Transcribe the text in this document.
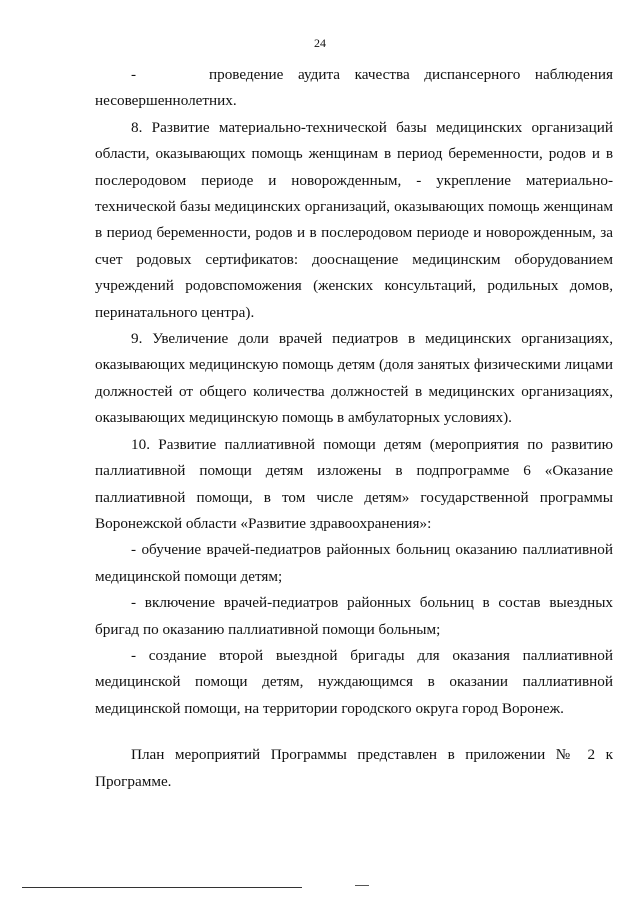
24

-     проведение аудита качества диспансерного наблюдения несовершеннолетних.

8. Развитие материально-технической базы медицинских организаций области, оказывающих помощь женщинам в период беременности, родов и в послеродовом периоде и новорожденным, - укрепление материально-технической базы медицинских организаций, оказывающих помощь женщинам в период беременности, родов и в послеродовом периоде и новорожденным, за счет родовых сертификатов: дооснащение медицинским оборудованием учреждений родовспоможения (женских консультаций, родильных домов, перинатального центра).

9. Увеличение доли врачей педиатров в медицинских организациях, оказывающих медицинскую помощь детям (доля занятых физическими лицами должностей от общего количества должностей в медицинских организациях, оказывающих медицинскую помощь в амбулаторных условиях).

10. Развитие паллиативной помощи детям (мероприятия по развитию паллиативной помощи детям изложены в подпрограмме 6 «Оказание паллиативной помощи, в том числе детям» государственной программы Воронежской области «Развитие здравоохранения»:

- обучение врачей-педиатров районных больниц оказанию паллиативной медицинской помощи детям;

- включение врачей-педиатров районных больниц в состав выездных бригад по оказанию паллиативной помощи больным;

- создание второй выездной бригады для оказания паллиативной медицинской помощи детям, нуждающимся в оказании паллиативной медицинской помощи, на территории городского округа город Воронеж.

План мероприятий Программы представлен в приложении № 2 к Программе.
